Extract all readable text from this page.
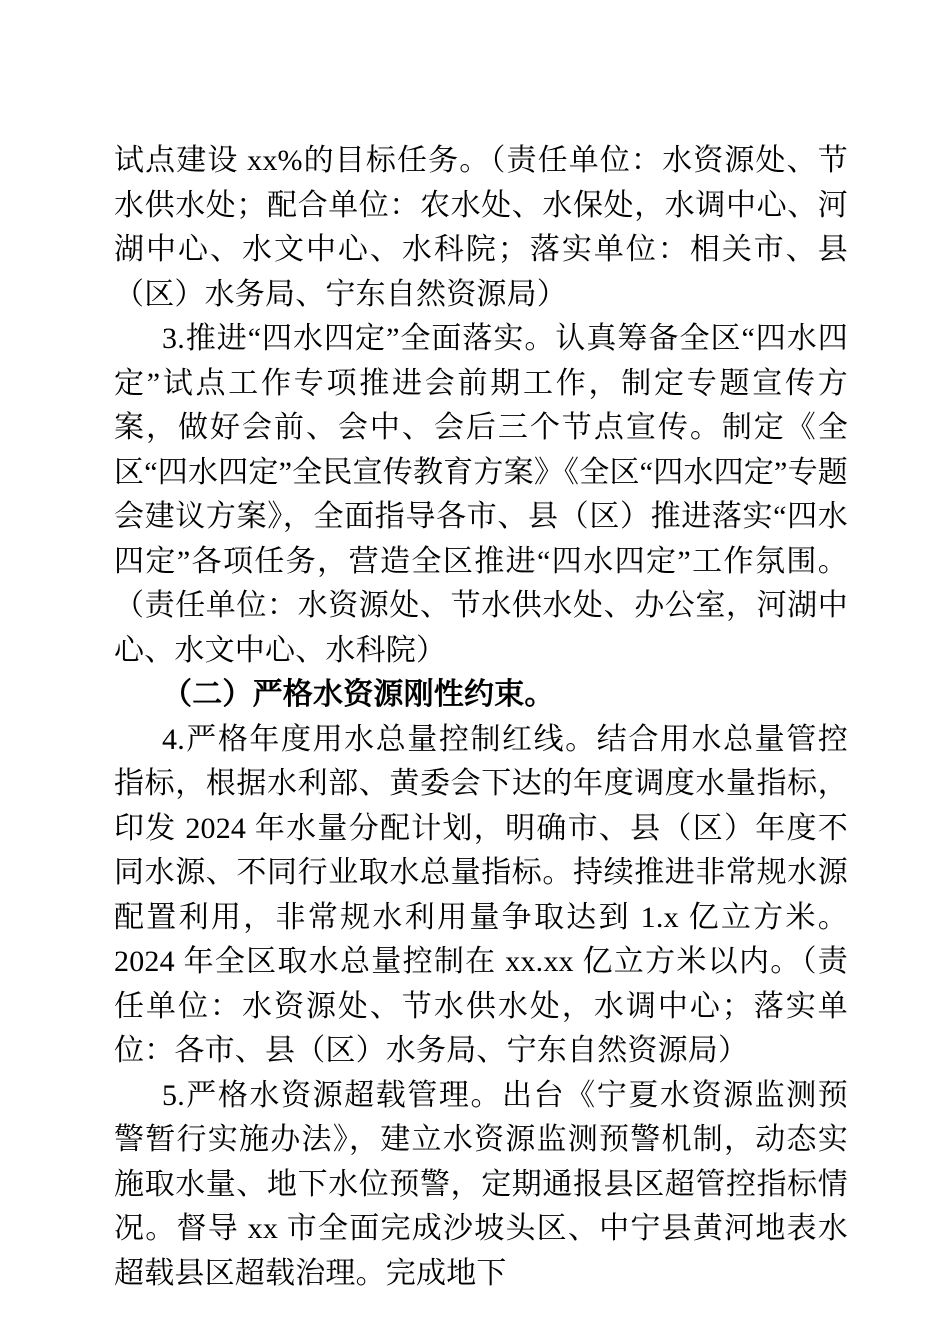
试点建设 xx%的目标任务。（责任单位：水资源处、节水供水处；配合单位：农水处、水保处，水调中心、河湖中心、水文中心、水科院；落实单位：相关市、县（区）水务局、宁东自然资源局）

3.推进“四水四定”全面落实。认真筹备全区“四水四定”试点工作专项推进会前期工作，制定专题宣传方案，做好会前、会中、会后三个节点宣传。制定《全区“四水四定”全民宣传教育方案》《全区“四水四定”专题会建议方案》，全面指导各市、县（区）推进落实“四水四定”各项任务，营造全区推进“四水四定”工作氛围。（责任单位：水资源处、节水供水处、办公室，河湖中心、水文中心、水科院）

（二）严格水资源刚性约束。

4.严格年度用水总量控制红线。结合用水总量管控指标，根据水利部、黄委会下达的年度调度水量指标，印发 2024 年水量分配计划，明确市、县（区）年度不同水源、不同行业取水总量指标。持续推进非常规水源配置利用，非常规水利用量争取达到 1.x 亿立方米。2024 年全区取水总量控制在 xx.xx 亿立方米以内。（责任单位：水资源处、节水供水处，水调中心；落实单位：各市、县（区）水务局、宁东自然资源局）

5.严格水资源超载管理。出台《宁夏水资源监测预警暂行实施办法》，建立水资源监测预警机制，动态实施取水量、地下水位预警，定期通报县区超管控指标情况。督导 xx 市全面完成沙坡头区、中宁县黄河地表水超载县区超载治理。完成地下
